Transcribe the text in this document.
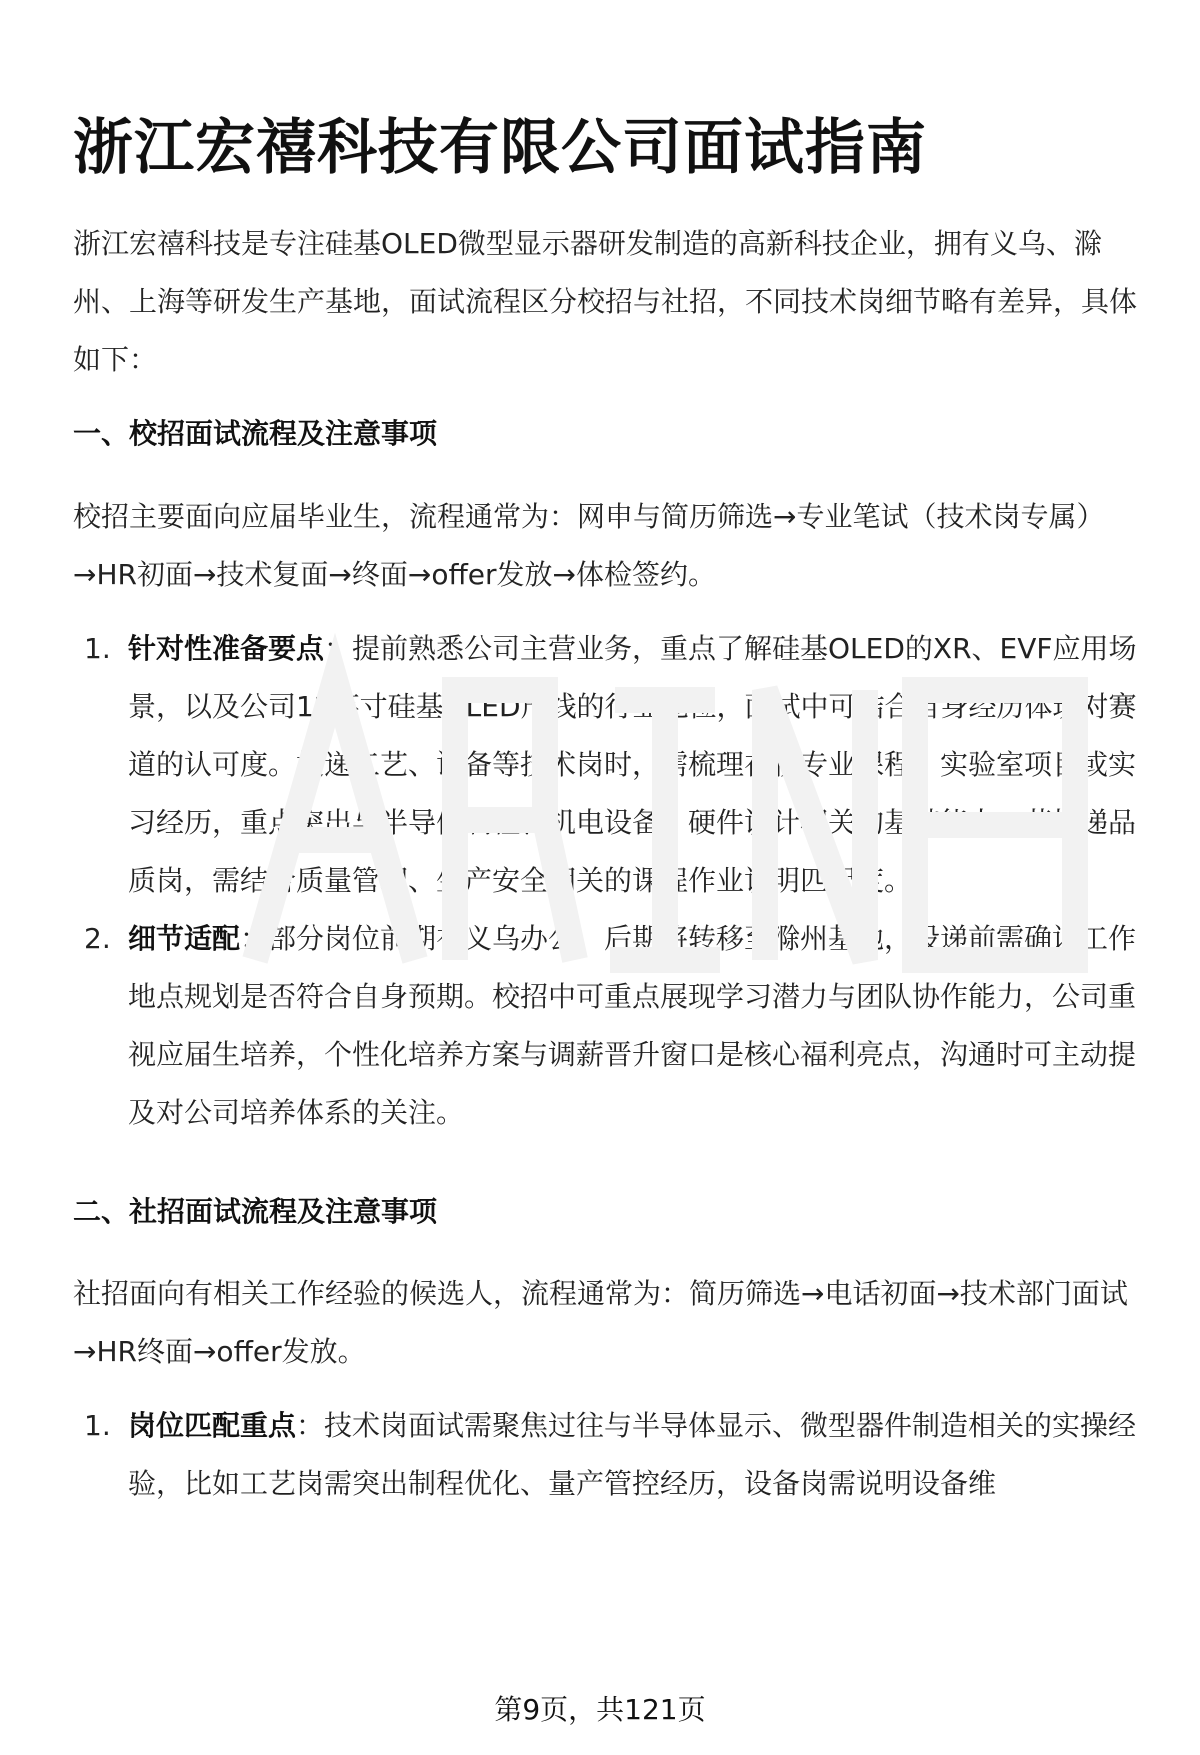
浙江宏禧科技有限公司面试指南

浙江宏禧科技是专注硅基OLED微型显示器研发制造的高新科技企业，拥有义乌、滁州、上海等研发生产基地，面试流程区分校招与社招，不同技术岗细节略有差异，具体如下：

一、校招面试流程及注意事项

校招主要面向应届毕业生，流程通常为：网申与简历筛选→专业笔试（技术岗专属）→HR初面→技术复面→终面→offer发放→体检签约。

1. 针对性准备要点：提前熟悉公司主营业务，重点了解硅基OLED的XR、EVF应用场景，以及公司12英寸硅基OLED产线的行业地位，面试中可结合自身经历体现对赛道的认可度。投递工艺、设备等技术岗时，需梳理在校专业课程、实验室项目或实习经历，重点突出与半导体制程、机电设备、硬件设计相关的基础能力；若投递品质岗，需结合质量管理、生产安全相关的课程作业说明匹配度。
2. 细节适配：部分岗位前期在义乌办公，后期将转移至滁州基地，投递前需确认工作地点规划是否符合自身预期。校招中可重点展现学习潜力与团队协作能力，公司重视应届生培养，个性化培养方案与调薪晋升窗口是核心福利亮点，沟通时可主动提及对公司培养体系的关注。
二、社招面试流程及注意事项

社招面向有相关工作经验的候选人，流程通常为：简历筛选→电话初面→技术部门面试→HR终面→offer发放。

1. 岗位匹配重点：技术岗面试需聚焦过往与半导体显示、微型器件制造相关的实操经验，比如工艺岗需突出制程优化、量产管控经历，设备岗需说明设备维
第9页，共121页
